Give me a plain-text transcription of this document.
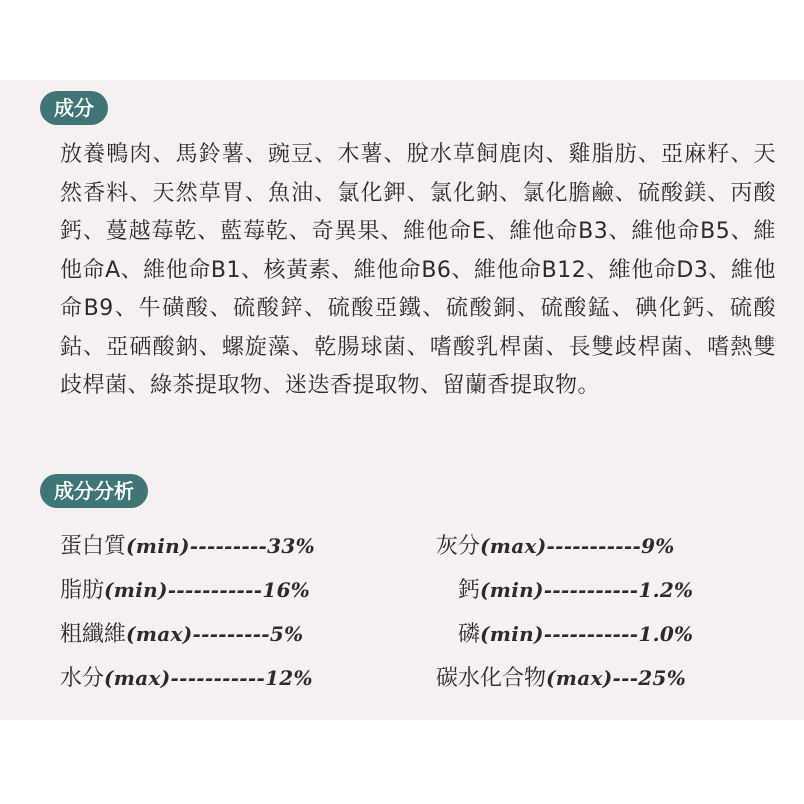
成分
放養鴨肉、馬鈴薯、豌豆、木薯、脫水草飼鹿肉、雞脂肪、亞麻籽、天然香料、天然草胃、魚油、氯化鉀、氯化鈉、氯化膽鹼、硫酸鎂、丙酸鈣、蔓越莓乾、藍莓乾、奇異果、維他命E、維他命B3、維他命B5、維他命A、維他命B1、核黃素、維他命B6、維他命B12、維他命D3、維他命B9、牛磺酸、硫酸鋅、硫酸亞鐵、硫酸銅、硫酸錳、碘化鈣、硫酸鈷、亞硒酸鈉、螺旋藻、乾腸球菌、嗜酸乳桿菌、長雙歧桿菌、嗜熱雙歧桿菌、綠茶提取物、迷迭香提取物、留蘭香提取物。
成分分析
蛋白質(min)---------33%
脂肪(min)-----------16%
粗纖維(max)---------5%
水分(max)-----------12%
灰分(max)-----------9%
鈣(min)-----------1.2%
磷(min)-----------1.0%
碳水化合物(max)---25%
